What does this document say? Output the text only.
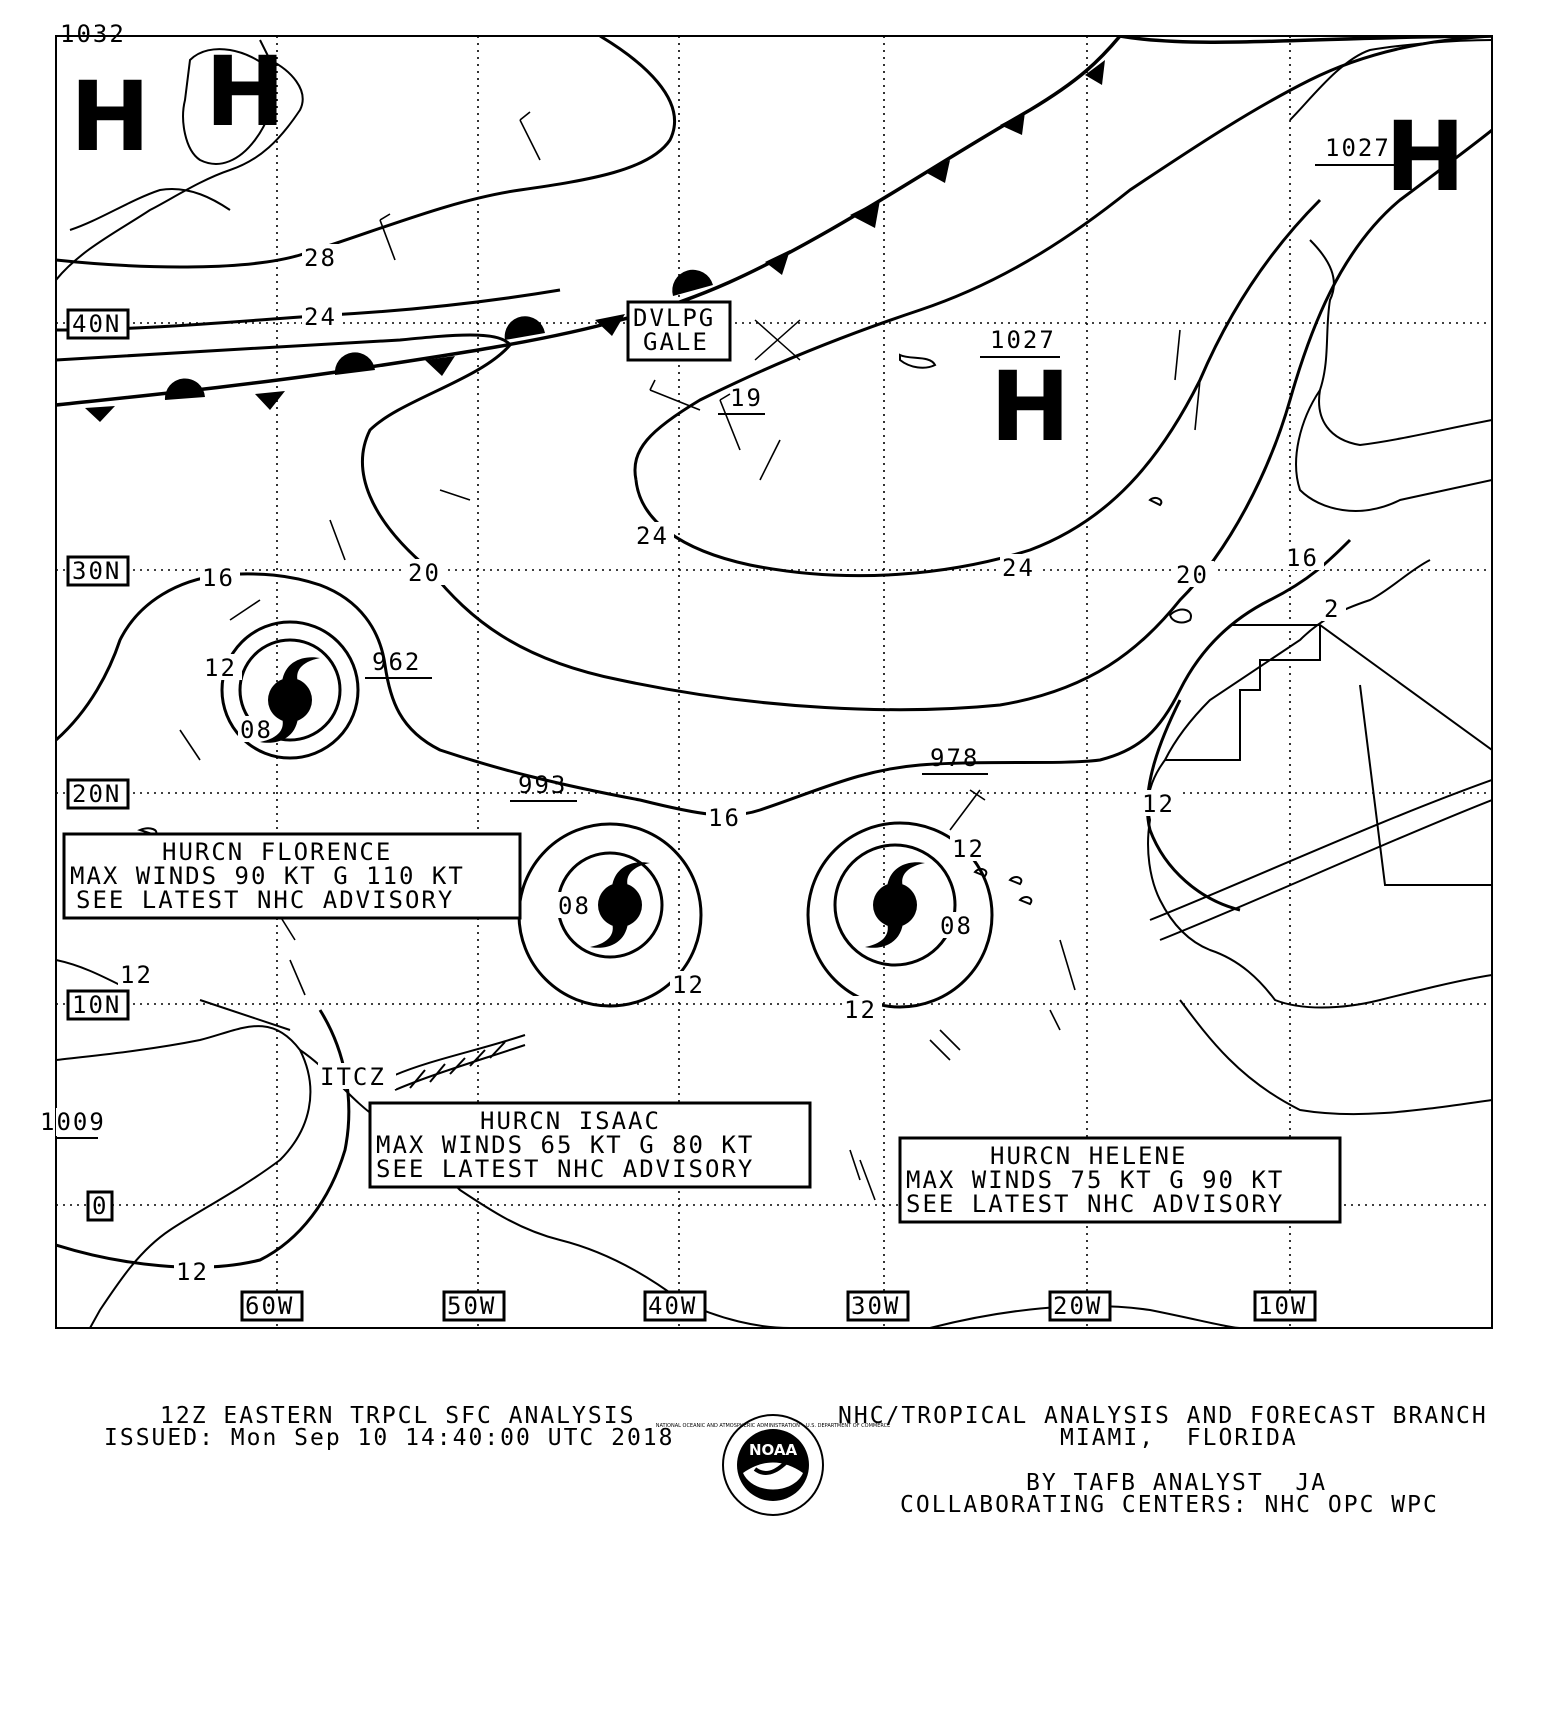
H H
H
H
1032
1027
1027
962
993
978
19
1009
28
24
24
24
20	20
16
16
16
12
12	12
12
12
12
12
2
08
08
08
DVLPG
GALE
ITCZ
HURCN FLORENCE
MAX WINDS 90 KT G 110 KT
SEE LATEST NHC ADVISORY
HURCN ISAAC
MAX WINDS 65 KT G 80 KT
SEE LATEST NHC ADVISORY	HURCN HELENE
MAX WINDS 75 KT G 90 KT
SEE LATEST NHC ADVISORY
40N
30N
20N
10N
0
60W	50W	40W	30W	20W	10W
NOAA
NATIONAL OCEANIC AND ATMOSPHERIC ADMINISTRATION • U.S. DEPARTMENT OF COMMERCE
12Z EASTERN TRPCL SFC ANALYSIS
ISSUED: Mon Sep 10 14:40:00 UTC 2018
NHC/TROPICAL ANALYSIS AND FORECAST BRANCH
MIAMI,  FLORIDA
BY TAFB ANALYST  JA
COLLABORATING CENTERS: NHC OPC WPC
